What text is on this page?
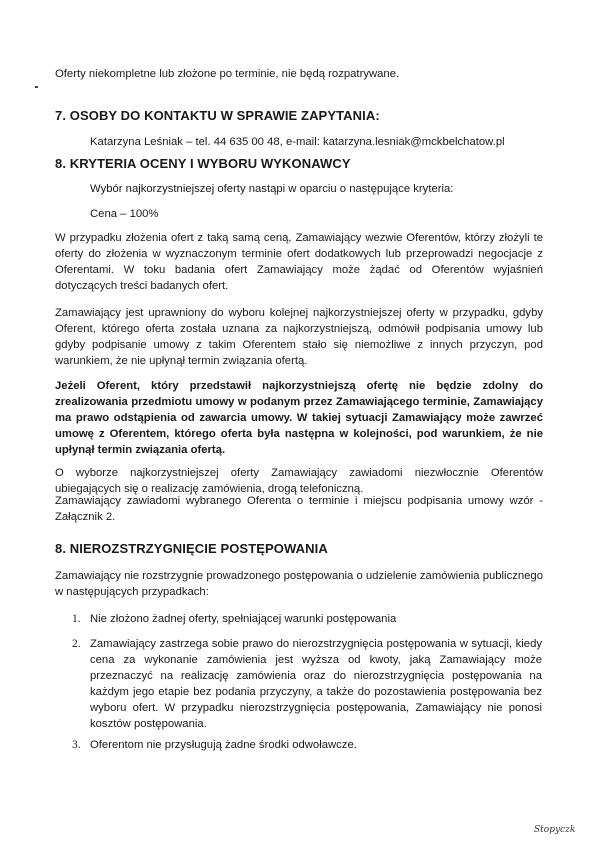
Oferty niekompletne lub złożone po terminie, nie będą rozpatrywane.
7. OSOBY DO KONTAKTU W SPRAWIE ZAPYTANIA:
Katarzyna Leśniak – tel. 44 635 00 48, e-mail: katarzyna.lesniak@mckbelchatow.pl
8. KRYTERIA OCENY I WYBORU WYKONAWCY
Wybór najkorzystniejszej oferty nastąpi w oparciu o następujące kryteria:
Cena – 100%
W przypadku złożenia ofert z taką samą ceną, Zamawiający wezwie Oferentów, którzy złożyli te oferty do złożenia w wyznaczonym terminie ofert dodatkowych lub przeprowadzi negocjacje z Oferentami. W toku badania ofert Zamawiający może żądać od Oferentów wyjaśnień dotyczących treści badanych ofert.
Zamawiający jest uprawniony do wyboru kolejnej najkorzystniejszej oferty w przypadku, gdyby Oferent, którego oferta została uznana za najkorzystniejszą, odmówił podpisania umowy lub gdyby podpisanie umowy z takim Oferentem stało się niemożliwe z innych przyczyn, pod warunkiem, że nie upłynął termin związania ofertą.
Jeżeli Oferent, który przedstawił najkorzystniejszą ofertę nie będzie zdolny do zrealizowania przedmiotu umowy w podanym przez Zamawiającego terminie, Zamawiający ma prawo odstąpienia od zawarcia umowy. W takiej sytuacji Zamawiający może zawrzeć umowę z Oferentem, którego oferta była następna w kolejności, pod warunkiem, że nie upłynął termin związania ofertą.
O wyborze najkorzystniejszej oferty Zamawiający zawiadomi niezwłocznie Oferentów ubiegających się o realizację zamówienia, drogą telefoniczną.
Zamawiający zawiadomi wybranego Oferenta o terminie i miejscu podpisania umowy wzór - Załącznik 2.
8. NIEROZSTRZYGNIĘCIE POSTĘPOWANIA
Zamawiający nie rozstrzygnie prowadzonego postępowania o udzielenie zamówienia publicznego w następujących przypadkach:
1. Nie złożono żadnej oferty, spełniającej warunki postępowania
2. Zamawiający zastrzega sobie prawo do nierozstrzygnięcia postępowania w sytuacji, kiedy cena za wykonanie zamówienia jest wyższa od kwoty, jaką Zamawiający może przeznaczyć na realizację zamówienia oraz do nierozstrzygnięcia postępowania na każdym jego etapie bez podania przyczyny, a także do pozostawienia postępowania bez wyboru ofert. W przypadku nierozstrzygnięcia postępowania, Zamawiający nie ponosi kosztów postępowania.
3. Oferentom nie przysługują żadne środki odwoławcze.
Stopyczk
